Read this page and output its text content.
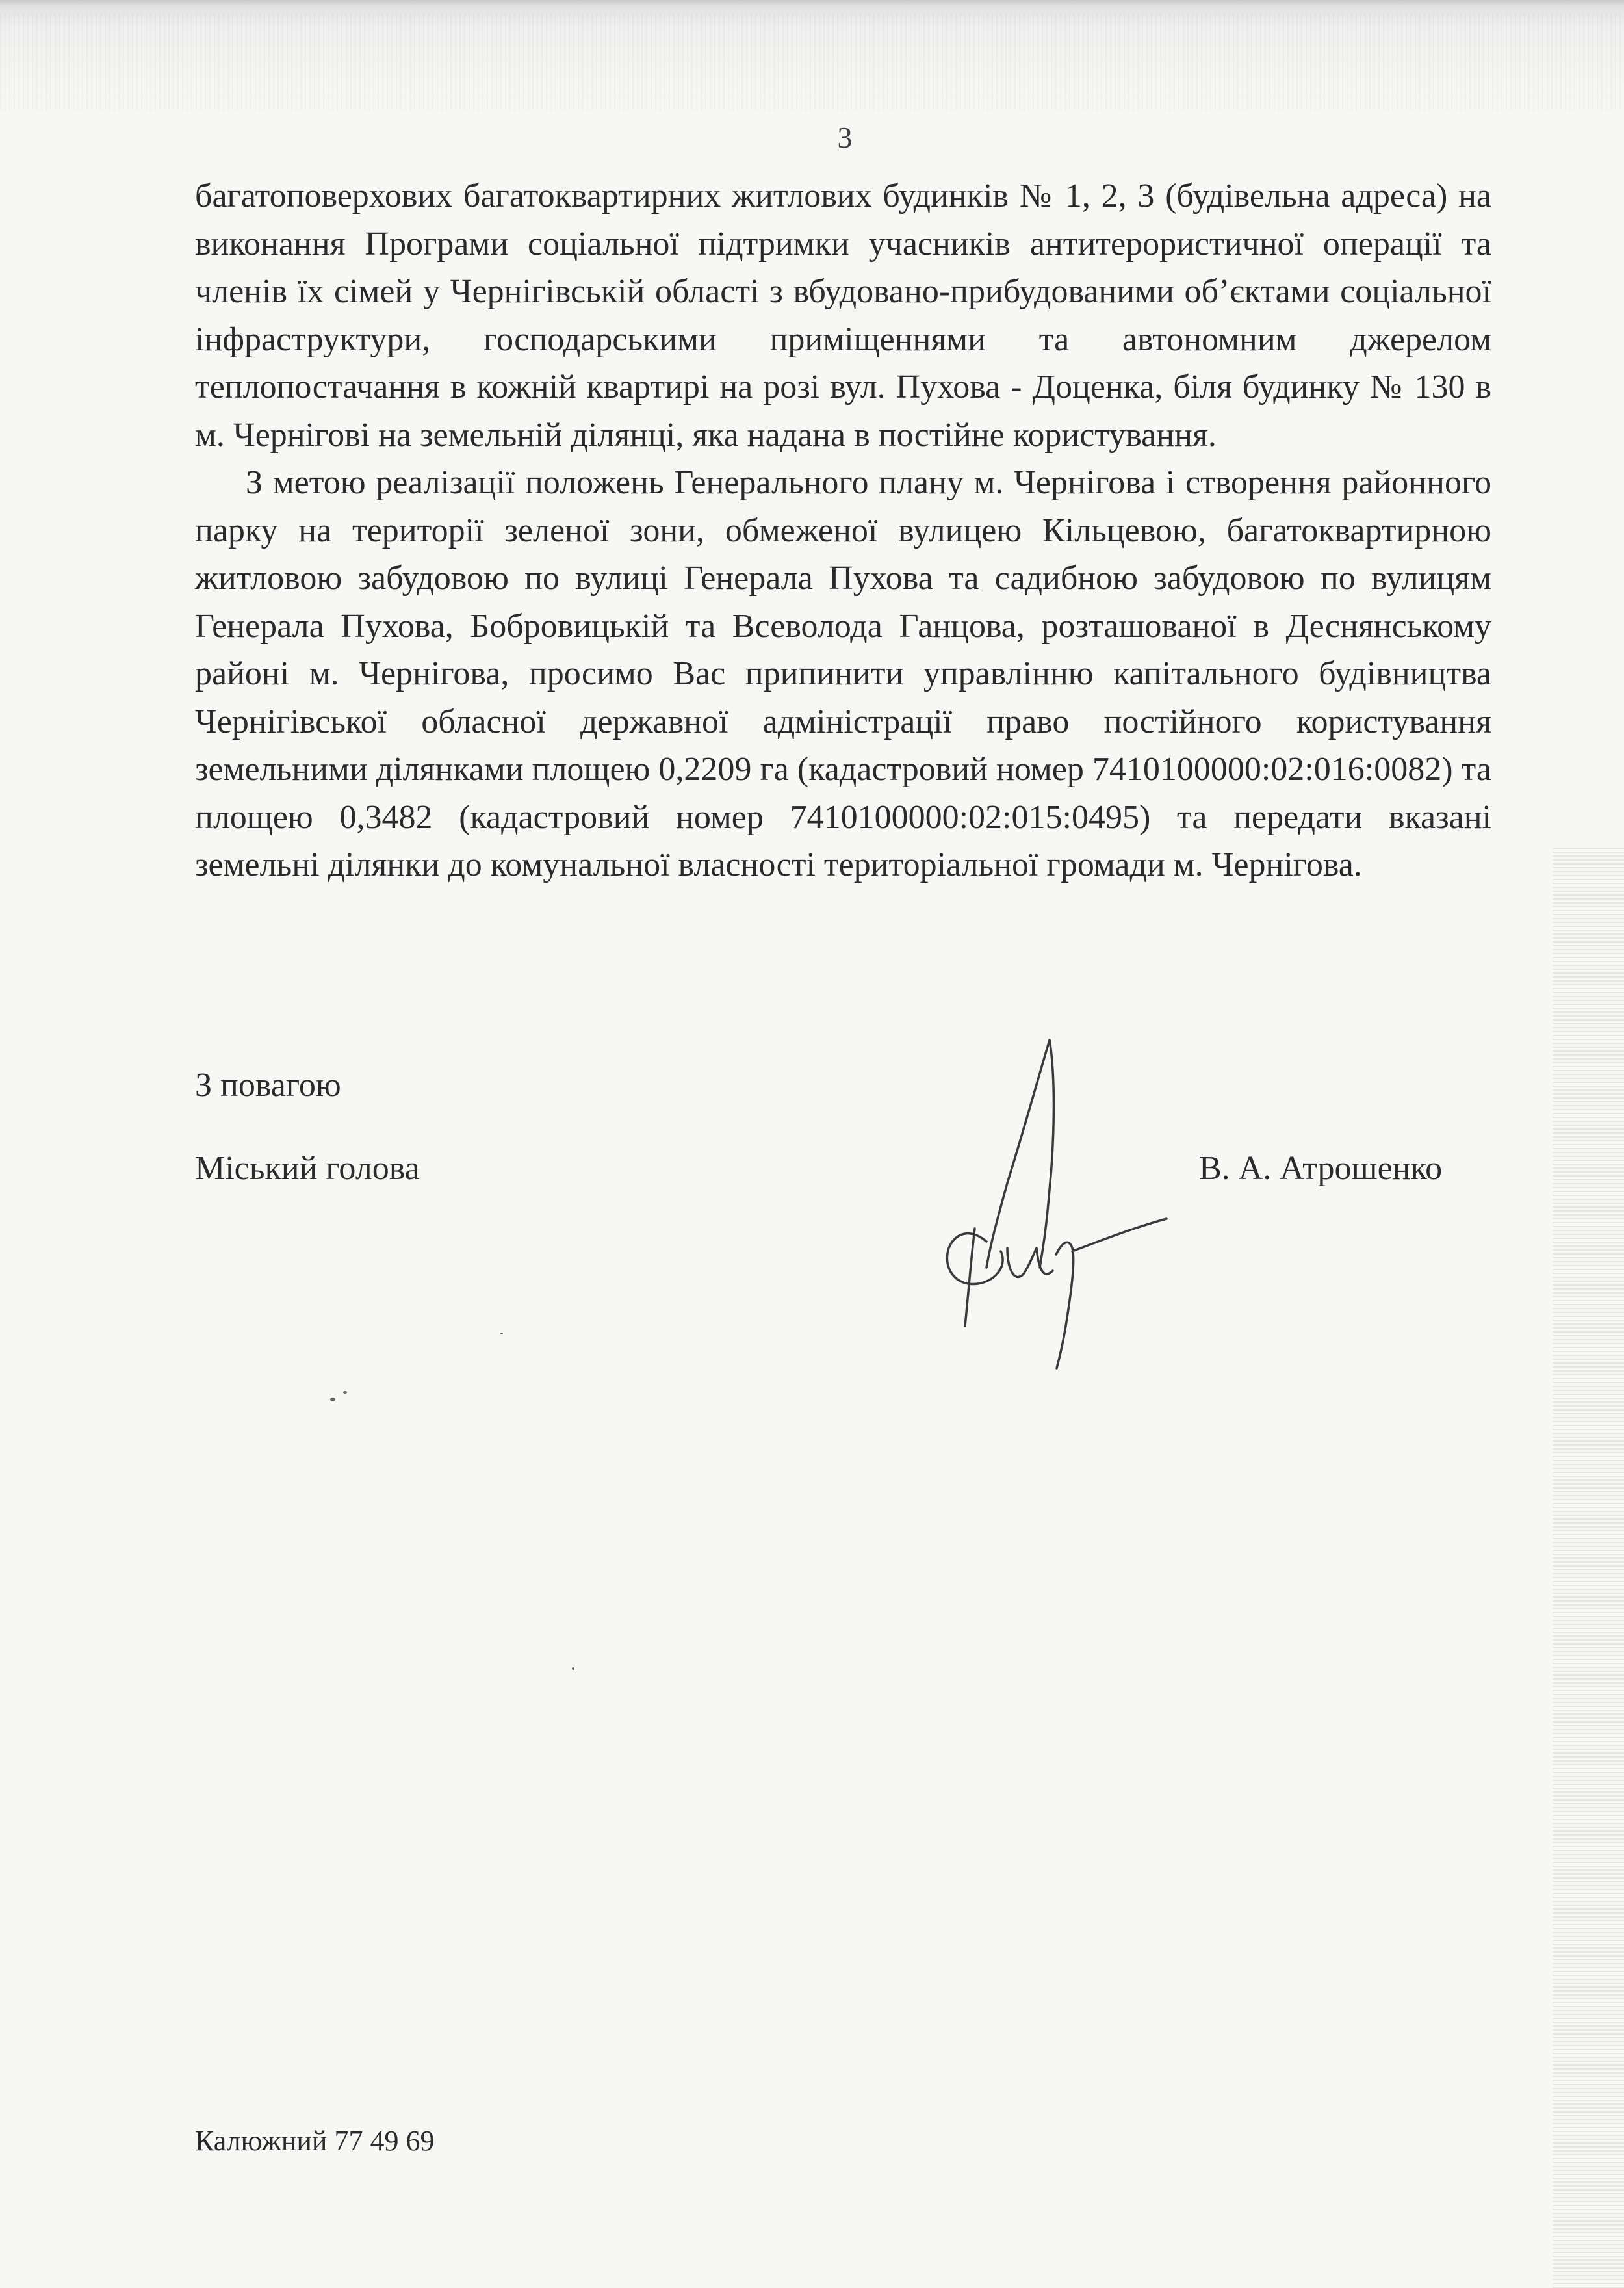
3

багатоповерхових багатоквартирних житлових будинків № 1, 2, 3 (будівельна адреса) на виконання Програми соціальної підтримки учасників антитерористичної операції та членів їх сімей у Чернігівській області з вбудовано-прибудованими об’єктами соціальної інфраструктури, господарськими приміщеннями та автономним джерелом теплопостачання в кожній квартирі на розі вул. Пухова - Доценка, біля будинку № 130 в м. Чернігові на земельній ділянці, яка надана в постійне користування.

З метою реалізації положень Генерального плану м. Чернігова і створення районного парку на території зеленої зони, обмеженої вулицею Кільцевою, багатоквартирною житловою забудовою по вулиці Генерала Пухова та садибною забудовою по вулицям Генерала Пухова, Бобровицькій та Всеволода Ганцова, розташованої в Деснянському районі м. Чернігова, просимо Вас припинити управлінню капітального будівництва Чернігівської обласної державної адміністрації право постійного користування земельними ділянками площею 0,2209 га (кадастровий номер 7410100000:02:016:0082) та площею 0,3482 (кадастровий номер 7410100000:02:015:0495) та передати вказані земельні ділянки до комунальної власності територіальної громади м. Чернігова.

З повагою
Міський голова	В. А. Атрошенко
Калюжний 77 49 69
